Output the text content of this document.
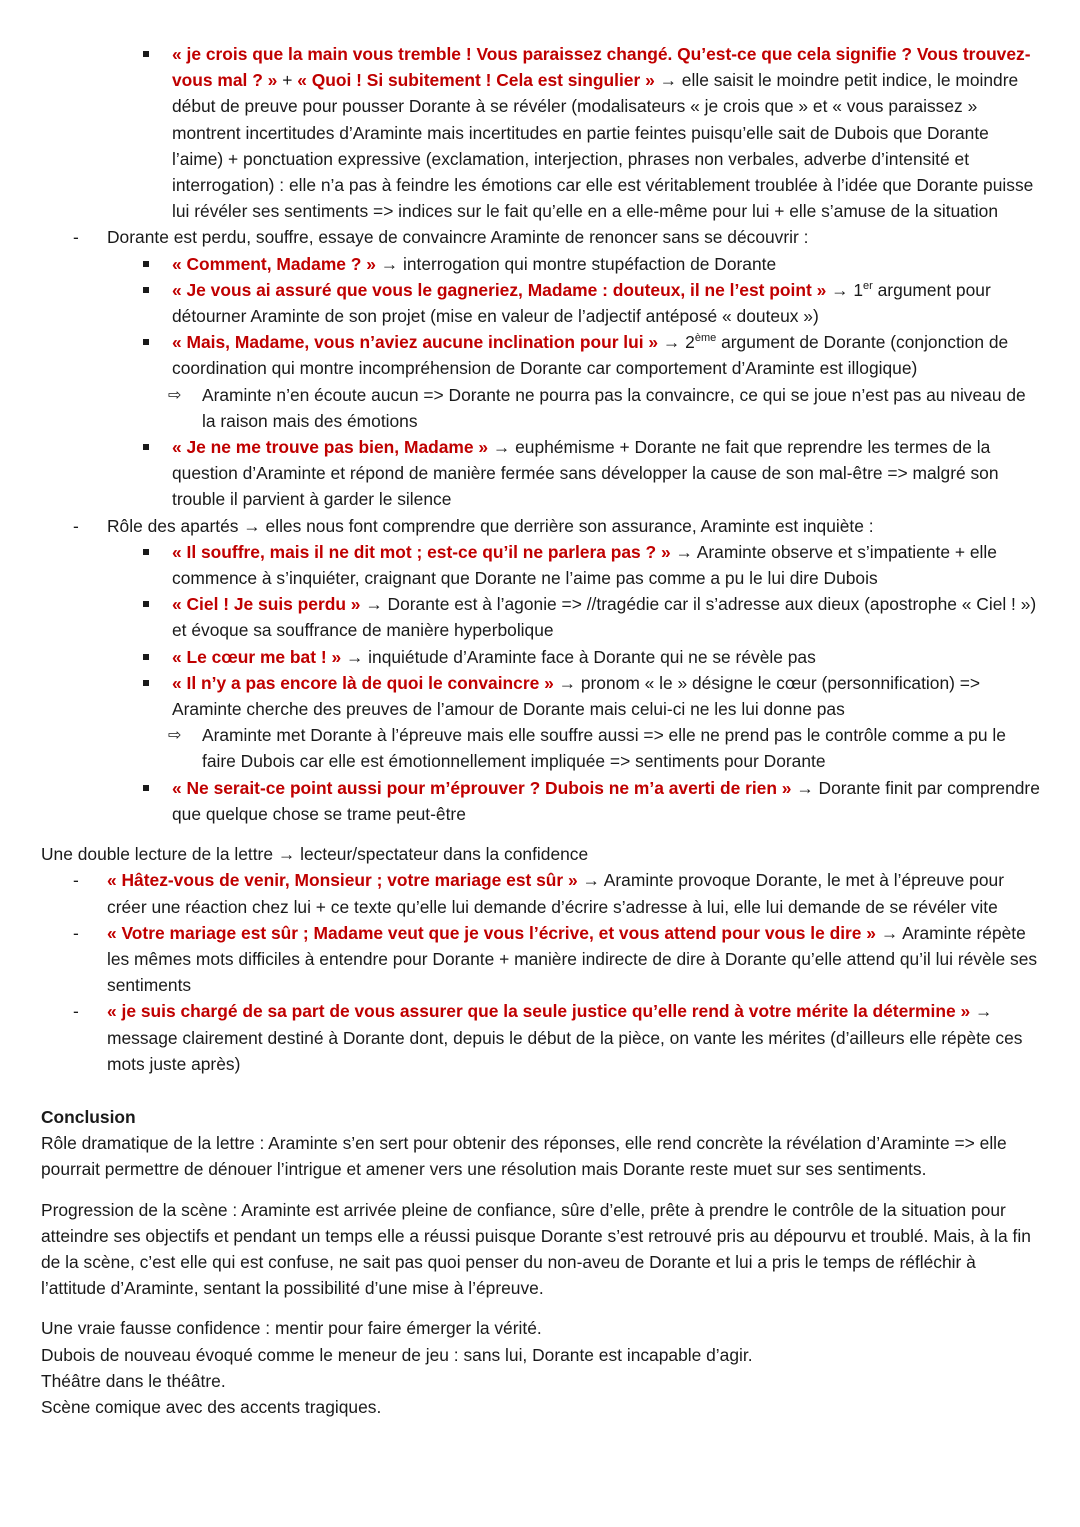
« je crois que la main vous tremble ! Vous paraissez changé. Qu’est-ce que cela signifie ? Vous trouvez-vous mal ? » + « Quoi ! Si subitement ! Cela est singulier » → elle saisit le moindre petit indice, le moindre début de preuve pour pousser Dorante à se révéler (modalisateurs « je crois que » et « vous paraissez » montrent incertitudes d’Araminte mais incertitudes en partie feintes puisqu’elle sait de Dubois que Dorante l’aime) + ponctuation expressive (exclamation, interjection, phrases non verbales, adverbe d’intensité et interrogation) : elle n’a pas à feindre les émotions car elle est véritablement troublée à l’idée que Dorante puisse lui révéler ses sentiments => indices sur le fait qu’elle en a elle-même pour lui + elle s’amuse de la situation
- Dorante est perdu, souffre, essaye de convaincre Araminte de renoncer sans se découvrir :
« Comment, Madame ? » → interrogation qui montre stupéfaction de Dorante
« Je vous ai assuré que vous le gagneriez, Madame : douteux, il ne l’est point » → 1er argument pour détourner Araminte de son projet (mise en valeur de l’adjectif antéposé « douteux »)
« Mais, Madame, vous n’aviez aucune inclination pour lui » → 2ème argument de Dorante (conjonction de coordination qui montre incompréhension de Dorante car comportement d’Araminte est illogique)
⇨ Araminte n’en écoute aucun => Dorante ne pourra pas la convaincre, ce qui se joue n’est pas au niveau de la raison mais des émotions
« Je ne me trouve pas bien, Madame » → euphémisme + Dorante ne fait que reprendre les termes de la question d’Araminte et répond de manière fermée sans développer la cause de son mal-être => malgré son trouble il parvient à garder le silence
- Rôle des apartés → elles nous font comprendre que derrière son assurance, Araminte est inquiète :
« Il souffre, mais il ne dit mot ; est-ce qu’il ne parlera pas ? » → Araminte observe et s’impatiente + elle commence à s’inquiéter, craignant que Dorante ne l’aime pas comme a pu le lui dire Dubois
« Ciel ! Je suis perdu » → Dorante est à l’agonie => //tragédie car il s’adresse aux dieux (apostrophe « Ciel ! ») et évoque sa souffrance de manière hyperbolique
« Le cœur me bat ! » → inquiétude d’Araminte face à Dorante qui ne se révèle pas
« Il n’y a pas encore là de quoi le convaincre » → pronom « le » désigne le cœur (personnification) => Araminte cherche des preuves de l’amour de Dorante mais celui-ci ne les lui donne pas
⇨ Araminte met Dorante à l’épreuve mais elle souffre aussi => elle ne prend pas le contrôle comme a pu le faire Dubois car elle est émotionnellement impliquée => sentiments pour Dorante
« Ne serait-ce point aussi pour m’éprouver ? Dubois ne m’a averti de rien » → Dorante finit par comprendre que quelque chose se trame peut-être
Une double lecture de la lettre → lecteur/spectateur dans la confidence
- « Hâtez-vous de venir, Monsieur ; votre mariage est sûr » → Araminte provoque Dorante, le met à l’épreuve pour créer une réaction chez lui + ce texte qu’elle lui demande d’écrire s’adresse à lui, elle lui demande de se révéler vite
- « Votre mariage est sûr ; Madame veut que je vous l’écrive, et vous attend pour vous le dire » → Araminte répète les mêmes mots difficiles à entendre pour Dorante + manière indirecte de dire à Dorante qu’elle attend qu’il lui révèle ses sentiments
- « je suis chargé de sa part de vous assurer que la seule justice qu’elle rend à votre mérite la détermine » → message clairement destiné à Dorante dont, depuis le début de la pièce, on vante les mérites (d’ailleurs elle répète ces mots juste après)
Conclusion
Rôle dramatique de la lettre : Araminte s’en sert pour obtenir des réponses, elle rend concrète la révélation d’Araminte => elle pourrait permettre de dénouer l’intrigue et amener vers une résolution mais Dorante reste muet sur ses sentiments.
Progression de la scène : Araminte est arrivée pleine de confiance, sûre d’elle, prête à prendre le contrôle de la situation pour atteindre ses objectifs et pendant un temps elle a réussi puisque Dorante s’est retrouvé pris au dépourvu et troublé. Mais, à la fin de la scène, c’est elle qui est confuse, ne sait pas quoi penser du non-aveu de Dorante et lui a pris le temps de réfléchir à l’attitude d’Araminte, sentant la possibilité d’une mise à l’épreuve.
Une vraie fausse confidence : mentir pour faire émerger la vérité.
Dubois de nouveau évoqué comme le meneur de jeu : sans lui, Dorante est incapable d’agir.
Théâtre dans le théâtre.
Scène comique avec des accents tragiques.
